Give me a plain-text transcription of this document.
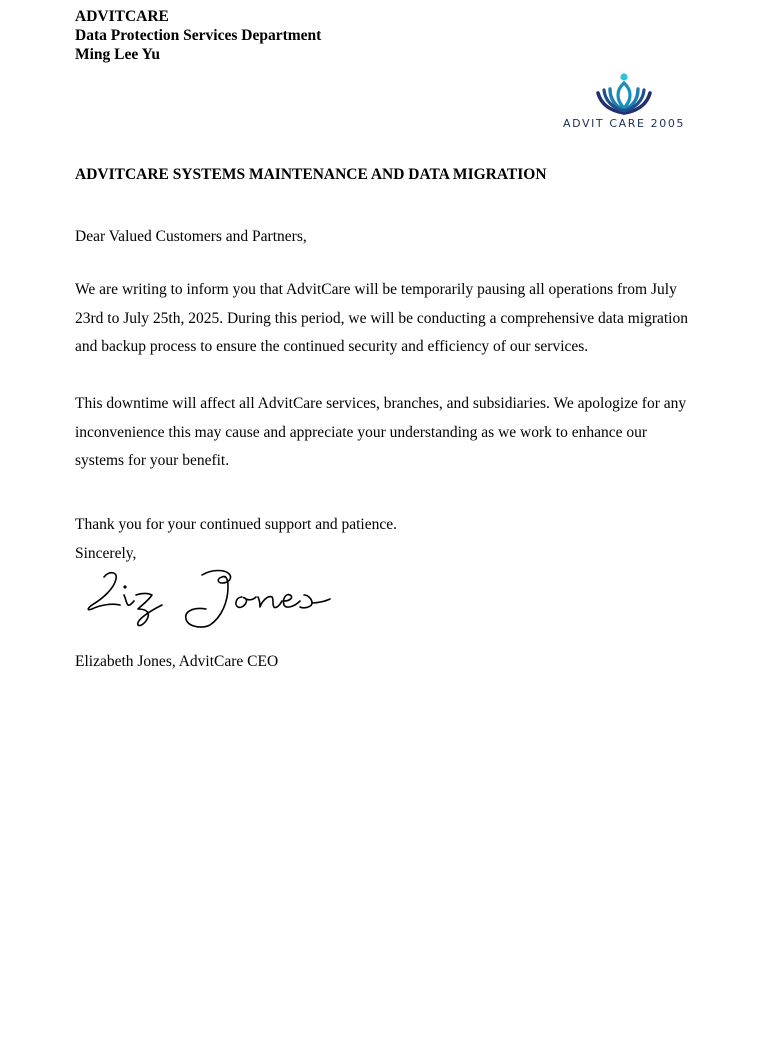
ADVITCARE
Data Protection Services Department
Ming Lee Yu
ADVIT CARE 2005
ADVITCARE SYSTEMS MAINTENANCE AND DATA MIGRATION
Dear Valued Customers and Partners,
We are writing to inform you that AdvitCare will be temporarily pausing all operations from July 23rd to July 25th, 2025. During this period, we will be conducting a comprehensive data migration and backup process to ensure the continued security and efficiency of our services.
This downtime will affect all AdvitCare services, branches, and subsidiaries. We apologize for any inconvenience this may cause and appreciate your understanding as we work to enhance our systems for your benefit.
Thank you for your continued support and patience.
Sincerely,
Elizabeth Jones, AdvitCare CEO
